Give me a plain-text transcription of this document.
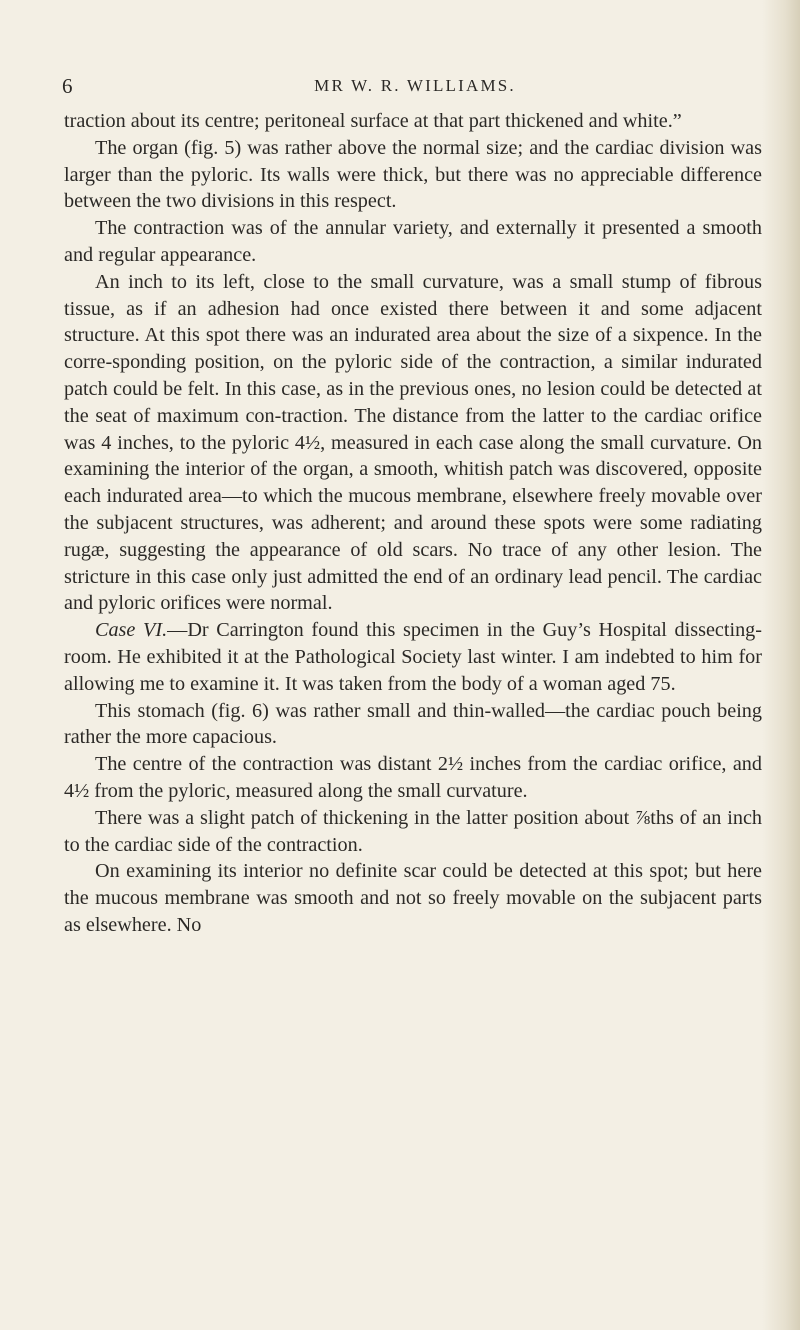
6	MR W. R. WILLIAMS.

traction about its centre; peritoneal surface at that part thickened and white.”

The organ (fig. 5) was rather above the normal size; and the cardiac division was larger than the pyloric. Its walls were thick, but there was no appreciable difference between the two divisions in this respect.

The contraction was of the annular variety, and externally it presented a smooth and regular appearance.

An inch to its left, close to the small curvature, was a small stump of fibrous tissue, as if an adhesion had once existed there between it and some adjacent structure. At this spot there was an indurated area about the size of a sixpence. In the corre-sponding position, on the pyloric side of the contraction, a similar indurated patch could be felt. In this case, as in the previous ones, no lesion could be detected at the seat of maximum con-traction. The distance from the latter to the cardiac orifice was 4 inches, to the pyloric 4½, measured in each case along the small curvature. On examining the interior of the organ, a smooth, whitish patch was discovered, opposite each indurated area—to which the mucous membrane, elsewhere freely movable over the subjacent structures, was adherent; and around these spots were some radiating rugæ, suggesting the appearance of old scars. No trace of any other lesion. The stricture in this case only just admitted the end of an ordinary lead pencil. The cardiac and pyloric orifices were normal.

Case VI.—Dr Carrington found this specimen in the Guy’s Hospital dissecting-room. He exhibited it at the Pathological Society last winter. I am indebted to him for allowing me to examine it. It was taken from the body of a woman aged 75.

This stomach (fig. 6) was rather small and thin-walled—the cardiac pouch being rather the more capacious.

The centre of the contraction was distant 2½ inches from the cardiac orifice, and 4½ from the pyloric, measured along the small curvature.

There was a slight patch of thickening in the latter position about ⅞ths of an inch to the cardiac side of the contraction.

On examining its interior no definite scar could be detected at this spot; but here the mucous membrane was smooth and not so freely movable on the subjacent parts as elsewhere. No
